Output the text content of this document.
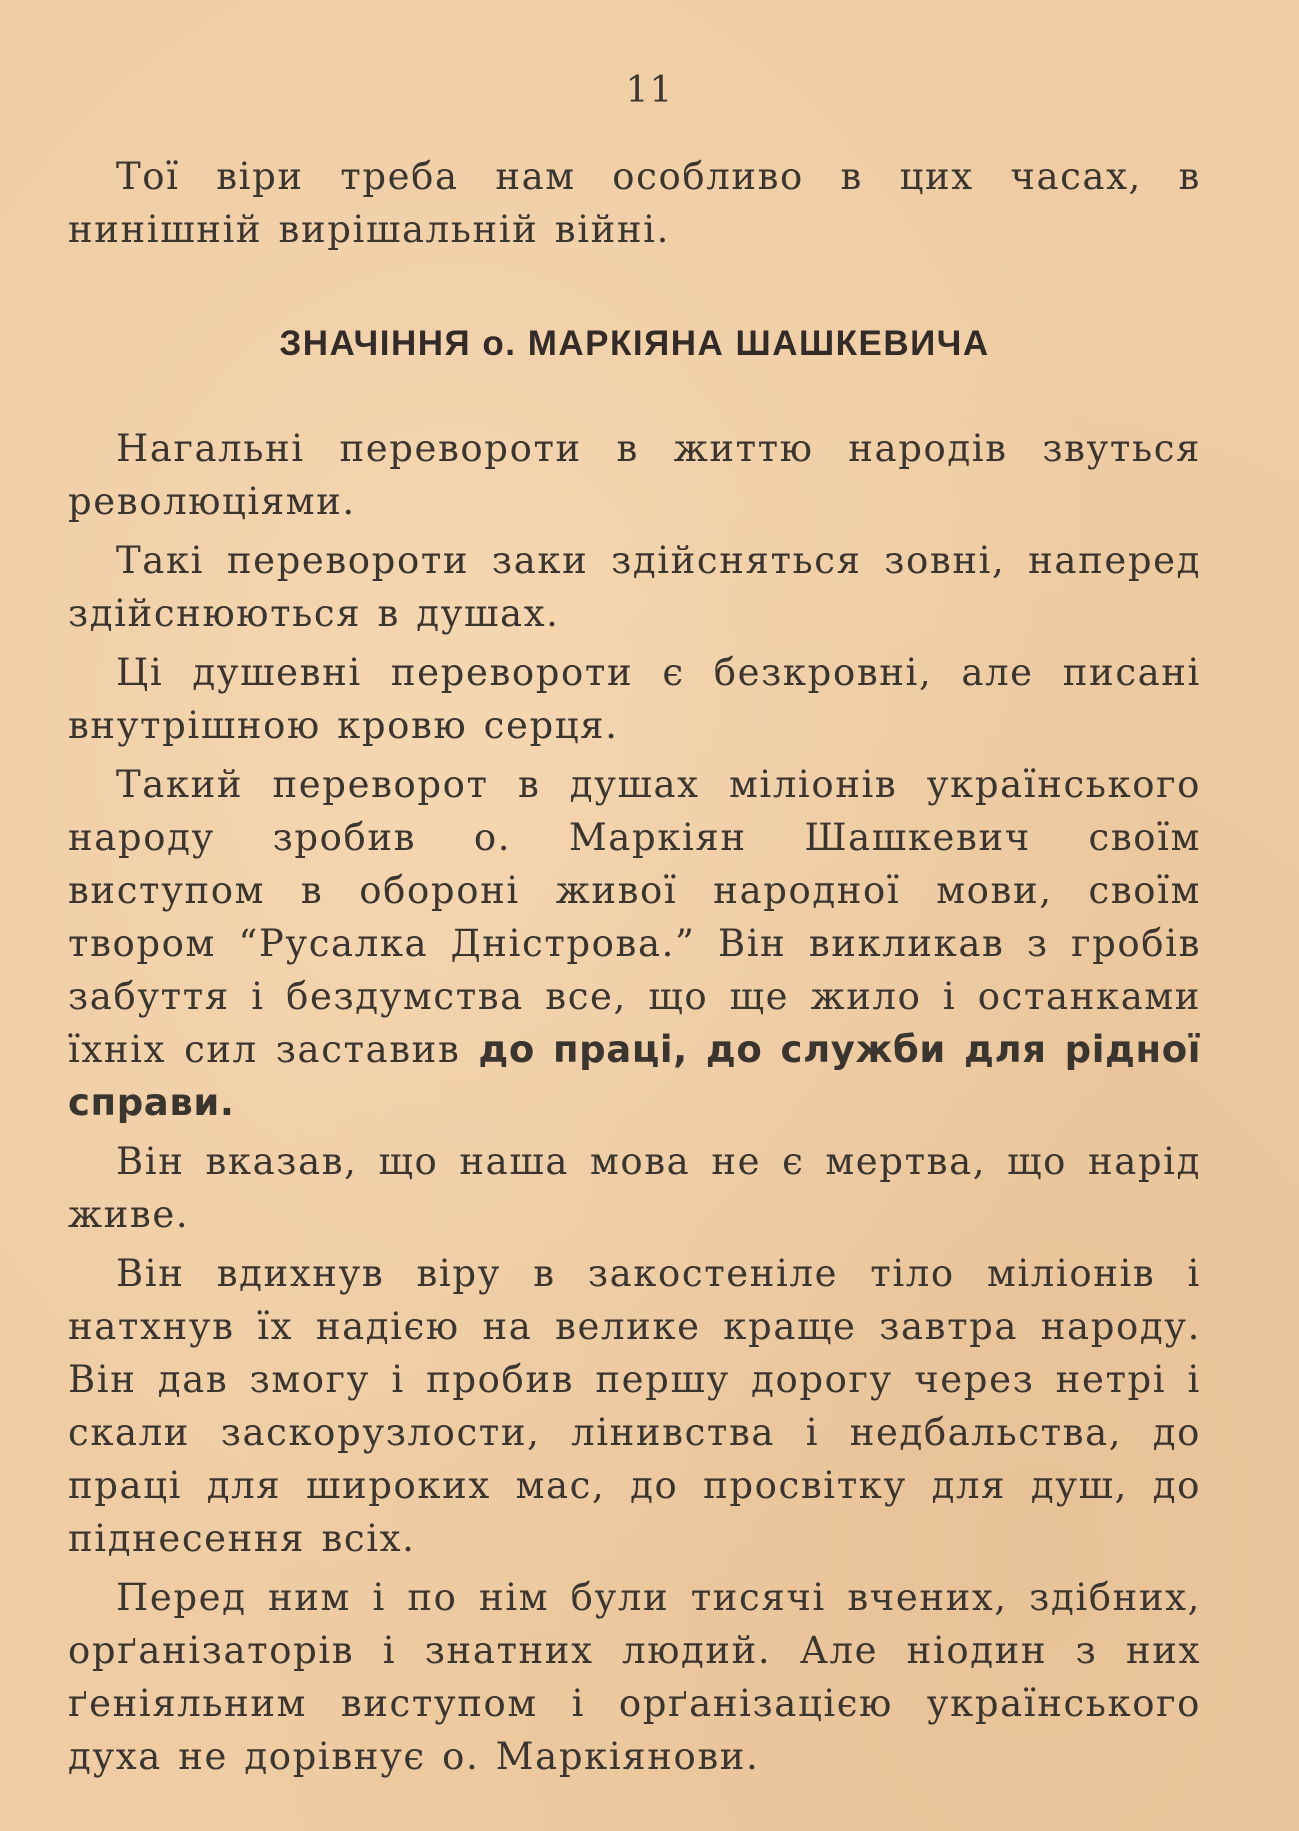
11

Тої віри треба нам особливо в цих часах, в нинішній вирішальній війні.

ЗНАЧІННЯ о. МАРКІЯНА ШАШКЕВИЧА

Нагальні перевороти в життю народів звуться революціями.

Такі перевороти заки здійсняться зовні, наперед здійснюються в душах.

Ці душевні перевороти є безкровні, але писані внутрішною кровю серця.

Такий переворот в душах міліонів українського народу зробив о. Маркіян Шашкевич своїм виступом в обороні живої народної мови, своїм твором “Русалка Дністрова.” Він викликав з гробів забуття і бездумства все, що ще жило і останками їхніх сил заставив до праці, до служби для рідної справи.

Він вказав, що наша мова не є мертва, що нарід живе.

Він вдихнув віру в закостеніле тіло міліонів і натхнув їх надією на велике краще завтра народу. Він дав змогу і пробив першу дорогу через нетрі і скали заскорузлости, лінивства і недбальства, до праці для широких мас, до просвітку для душ, до піднесення всіх.

Перед ним і по нім були тисячі вчених, здібних, орґанізаторів і знатних людий. Але ніодин з них ґеніяльним виступом і орґанізацією українського духа не дорівнує о. Маркіянови.
